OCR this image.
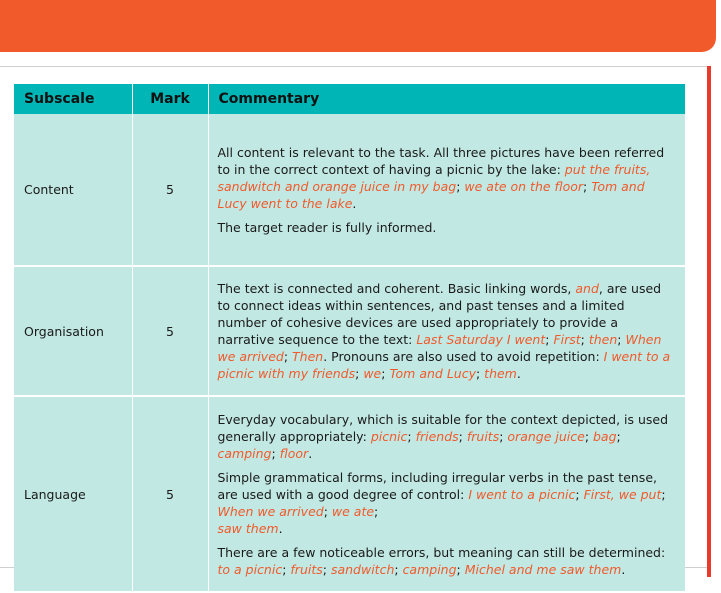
Subscale	Mark	Commentary
Content	5	All content is relevant to the task. All three pictures have been referred to in the correct context of having a picnic by the lake: put the fruits, sandwitch and orange juice in my bag; we ate on the floor; Tom and Lucy went to the lake.

The target reader is fully informed.

Organisation	5	The text is connected and coherent. Basic linking words, and, are used to connect ideas within sentences, and past tenses and a limited number of cohesive devices are used appropriately to provide a narrative sequence to the text: Last Saturday I went; First; then; When we arrived; Then. Pronouns are also used to avoid repetition: I went to a picnic with my friends; we; Tom and Lucy; them.

Language	5	Everyday vocabulary, which is suitable for the context depicted, is used generally appropriately: picnic; friends; fruits; orange juice; bag; camping; floor.

Simple grammatical forms, including irregular verbs in the past tense, are used with a good degree of control: I went to a picnic; First, we put; When we arrived; we ate;
saw them.

There are a few noticeable errors, but meaning can still be determined: to a picnic; fruits; sandwitch; camping; Michel and me saw them.
